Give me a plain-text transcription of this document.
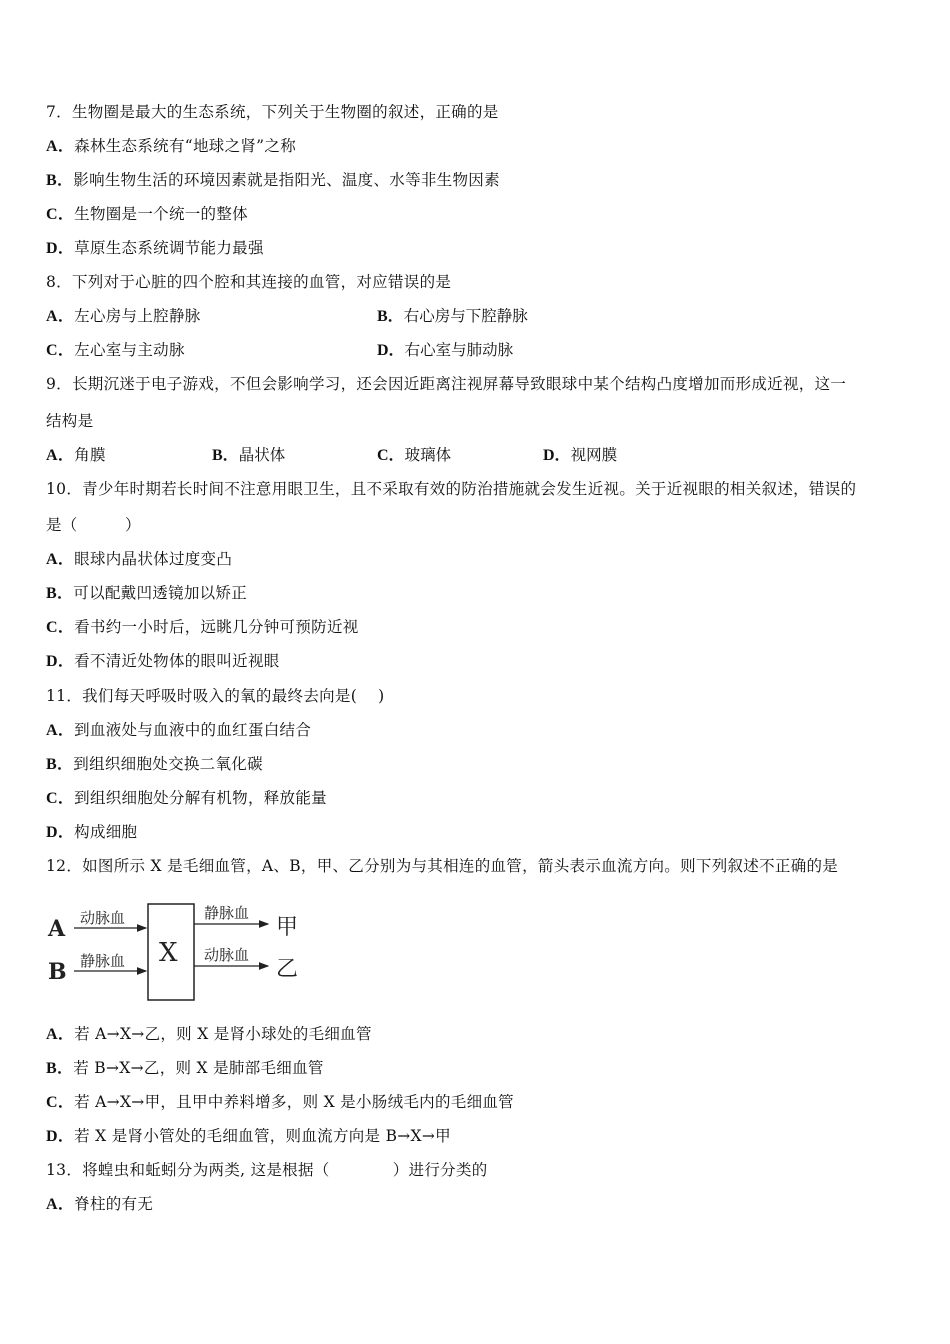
7．生物圈是最大的生态系统，下列关于生物圈的叙述，正确的是
A．森林生态系统有“地球之肾”之称
B．影响生物生活的环境因素就是指阳光、温度、水等非生物因素
C．生物圈是一个统一的整体
D．草原生态系统调节能力最强
8．下列对于心脏的四个腔和其连接的血管，对应错误的是
A．左心房与上腔静脉	B．右心房与下腔静脉
C．左心室与主动脉	D．右心室与肺动脉
9．长期沉迷于电子游戏，不但会影响学习，还会因近距离注视屏幕导致眼球中某个结构凸度增加而形成近视，这一
结构是
A．角膜	B．晶状体	C．玻璃体	D．视网膜
10．青少年时期若长时间不注意用眼卫生，且不采取有效的防治措施就会发生近视。关于近视眼的相关叙述，错误的
是（　　　）
A．眼球内晶状体过度变凸
B．可以配戴凹透镜加以矫正
C．看书约一小时后，远眺几分钟可预防近视
D．看不清近处物体的眼叫近视眼
11．我们每天呼吸时吸入的氧的最终去向是(　 )
A．到血液处与血液中的血红蛋白结合
B．到组织细胞处交换二氧化碳
C．到组织细胞处分解有机物，释放能量
D．构成细胞
12．如图所示 X 是毛细血管，A、B，甲、乙分别为与其相连的血管，箭头表示血流方向。则下列叙述不正确的是
X
A
B
动脉血
静脉血
静脉血
动脉血
甲
乙
A．若 A→X→乙，则 X 是肾小球处的毛细血管
B．若 B→X→乙，则 X 是肺部毛细血管
C．若 A→X→甲，且甲中养料增多，则 X 是小肠绒毛内的毛细血管
D．若 X 是肾小管处的毛细血管，则血流方向是 B→X→甲
13．将蝗虫和蚯蚓分为两类, 这是根据（　　　　）进行分类的
A．脊柱的有无
